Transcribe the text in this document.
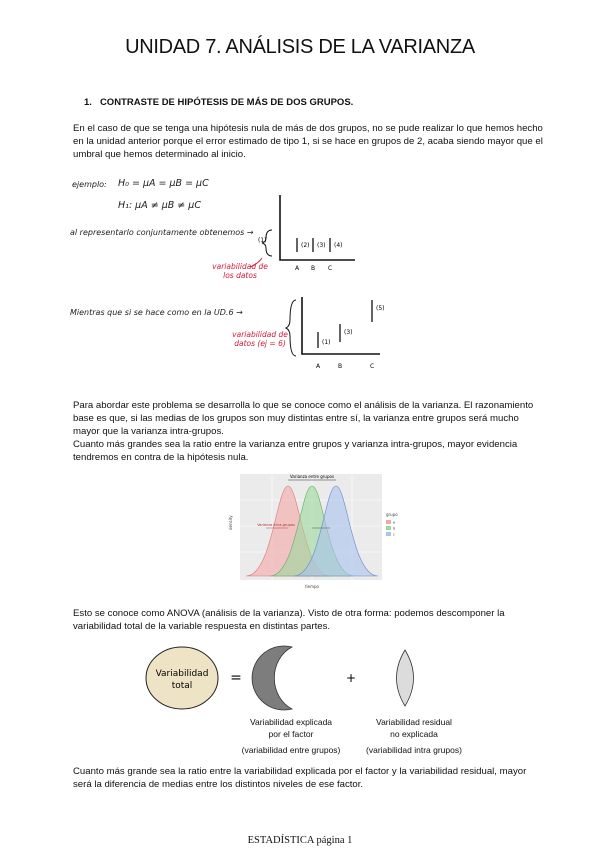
UNIDAD 7. ANÁLISIS DE LA VARIANZA
1. CONTRASTE DE HIPÓTESIS DE MÁS DE DOS GRUPOS.
En el caso de que se tenga una hipótesis nula de más de dos grupos, no se pude realizar lo que hemos hecho en la unidad anterior porque el error estimado de tipo 1, si se hace en grupos de 2, acaba siendo mayor que el umbral que hemos determinado al inicio.
ejemplo: H₀ = μA = μB = μC
H₁: μA ≠ μB ≠ μC
al representarlo conjuntamente obtenemos →
variabilidad de los datos
Mientras que si se hace como en la UD.6 →
variabilidad de datos (ej = 6)
(1)
(2) (3) (4)
A B C
(1)
(3)
(5)
A	B	C
Para abordar este problema se desarrolla lo que se conoce como el análisis de la varianza. El razonamiento base es que, si las medias de los grupos son muy distintas entre sí, la varianza entre grupos será mucho mayor que la varianza intra-grupos.
Cuanto más grandes sea la ratio entre la varianza entre grupos y varianza intra-grupos, mayor evidencia tendremos en contra de la hipótesis nula.
Varianza entre grupos
Varianza intra-grupos
tiempo
density
grupo
a
b
c
Esto se conoce como ANOVA (análisis de la varianza). Visto de otra forma: podemos descomponer la variabilidad total de la variable respuesta en distintas partes.
Variabilidad
total	=	+
Variabilidad explicada
por el factor
(variabilidad entre grupos)
Variabilidad residual
no explicada
(variabilidad intra grupos)
Cuanto más grande sea la ratio entre la variabilidad explicada por el factor y la variabilidad residual, mayor será la diferencia de medias entre los distintos niveles de ese factor.
ESTADÍSTICA página 1
